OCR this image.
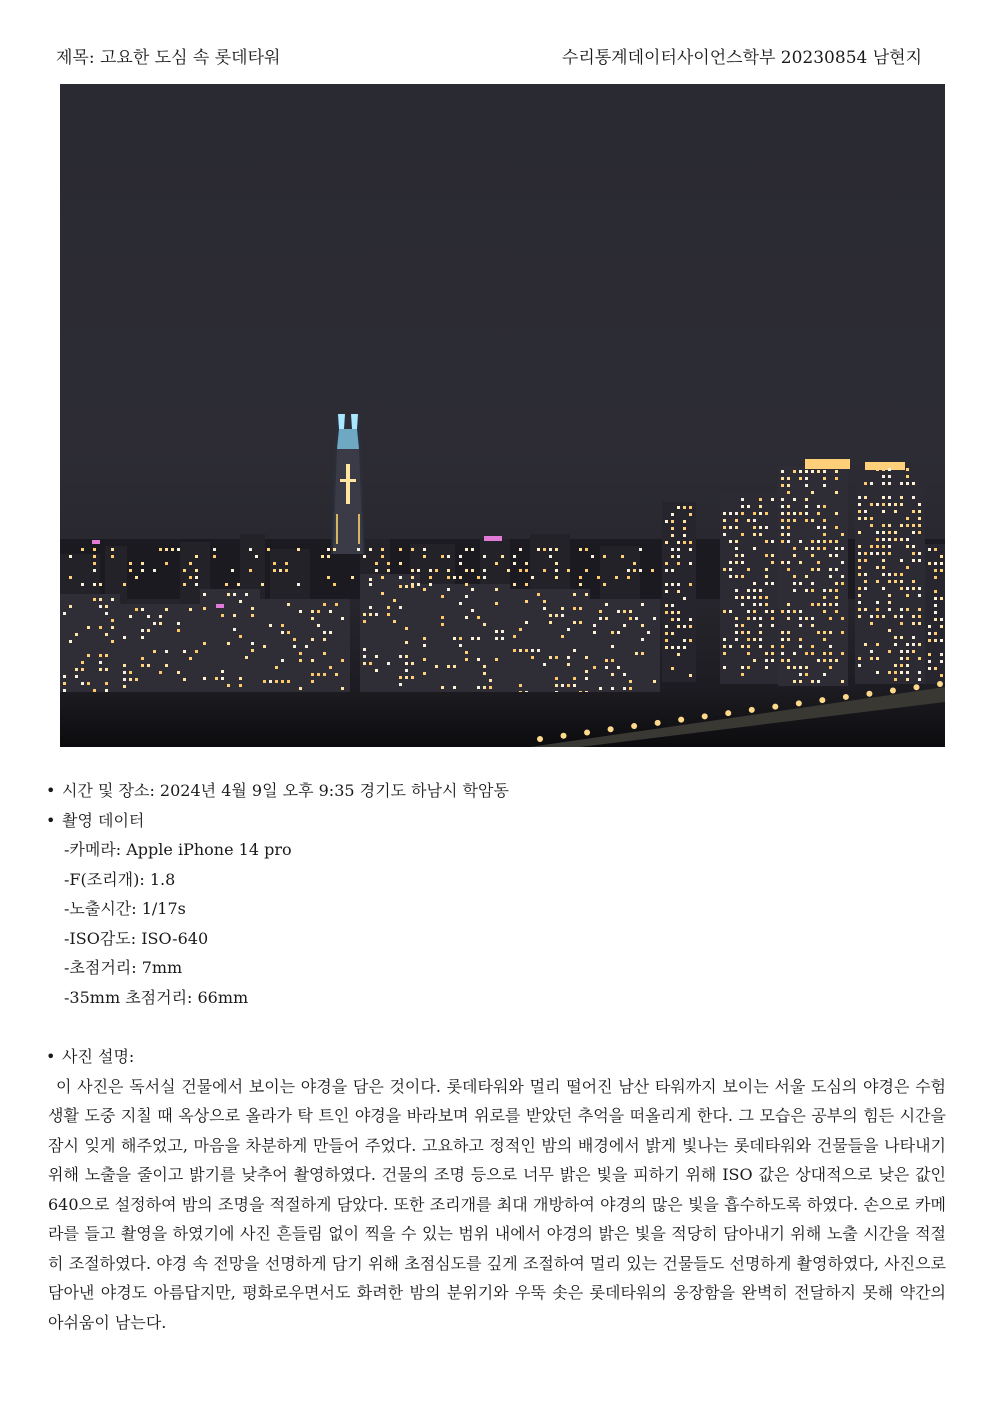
제목: 고요한 도심 속 롯데타워	수리통계데이터사이언스학부 20230854 남현지
• 시간 및 장소: 2024년 4월 9일 오후 9:35 경기도 하남시 학암동
• 촬영 데이터
-카메라: Apple iPhone 14 pro
-F(조리개): 1.8
-노출시간: 1/17s
-ISO감도: ISO-640
-초점거리: 7mm
-35mm 초점거리: 66mm
• 사진 설명:
이 사진은 독서실 건물에서 보이는 야경을 담은 것이다. 롯데타워와 멀리 떨어진 남산 타워까지 보이는 서울 도심의 야경은 수험생활 도중 지칠 때 옥상으로 올라가 탁 트인 야경을 바라보며 위로를 받았던 추억을 떠올리게 한다. 그 모습은 공부의 힘든 시간을 잠시 잊게 해주었고, 마음을 차분하게 만들어 주었다. 고요하고 정적인 밤의 배경에서 밝게 빛나는 롯데타워와 건물들을 나타내기 위해 노출을 줄이고 밝기를 낮추어 촬영하였다. 건물의 조명 등으로 너무 밝은 빛을 피하기 위해 ISO 값은 상대적으로 낮은 값인 640으로 설정하여 밤의 조명을 적절하게 담았다. 또한 조리개를 최대 개방하여 야경의 많은 빛을 흡수하도록 하였다. 손으로 카메라를 들고 촬영을 하였기에 사진 흔들림 없이 찍을 수 있는 범위 내에서 야경의 밝은 빛을 적당히 담아내기 위해 노출 시간을 적절히 조절하였다. 야경 속 전망을 선명하게 담기 위해 초점심도를 깊게 조절하여 멀리 있는 건물들도 선명하게 촬영하였다, 사진으로 담아낸 야경도 아름답지만, 평화로우면서도 화려한 밤의 분위기와 우뚝 솟은 롯데타워의 웅장함을 완벽히 전달하지 못해 약간의 아쉬움이 남는다.
